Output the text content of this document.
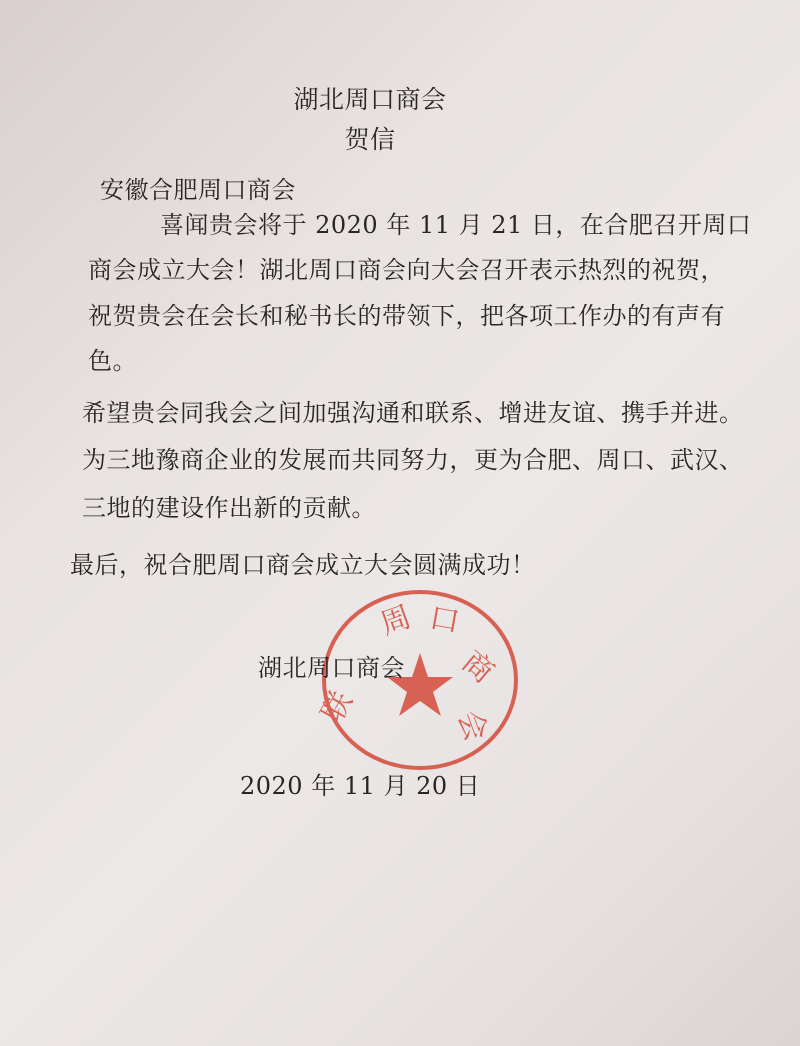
湖北周口商会
贺信
安徽合肥周口商会
喜闻贵会将于 2020 年 11 月 21 日，在合肥召开周口
商会成立大会！湖北周口商会向大会召开表示热烈的祝贺，
祝贺贵会在会长和秘书长的带领下，把各项工作办的有声有
色。
希望贵会同我会之间加强沟通和联系、增进友谊、携手并进。
为三地豫商企业的发展而共同努力，更为合肥、周口、武汉、
三地的建设作出新的贡献。
最后，祝合肥周口商会成立大会圆满成功！
周 口
商
会
联
湖北周口商会
2020 年 11 月 20 日
